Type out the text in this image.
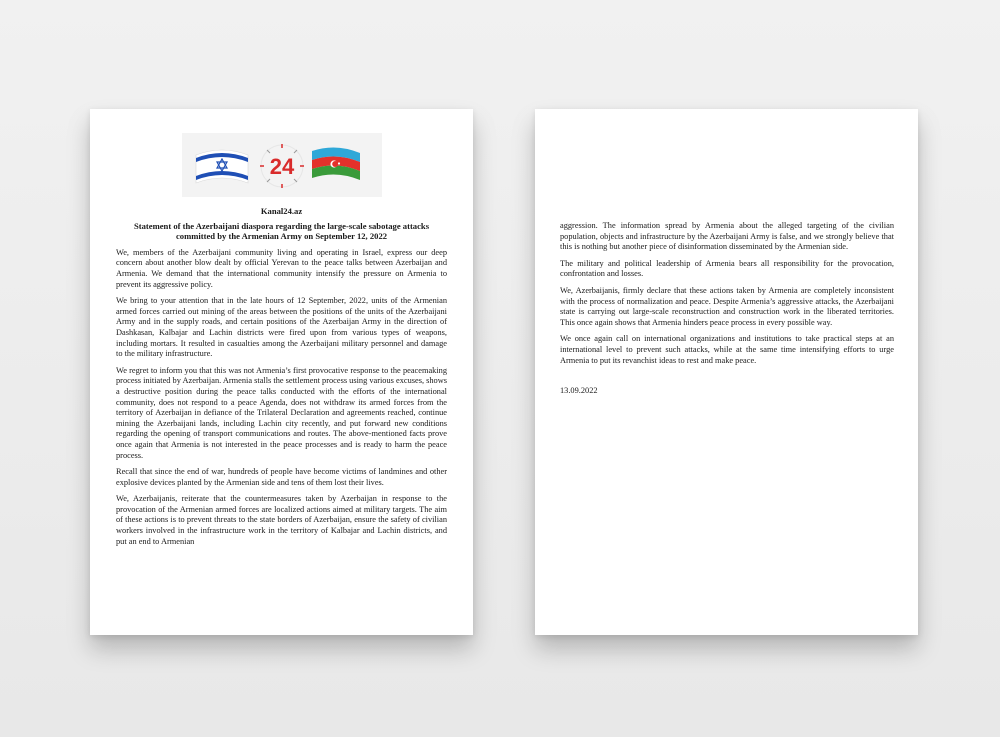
24
Kanal24.az
Statement of the Azerbaijani diaspora regarding the large-scale sabotage attacks committed by the Armenian Army on September 12, 2022

We, members of the Azerbaijani community living and operating in Israel, express our deep concern about another blow dealt by official Yerevan to the peace talks between Azerbaijan and Armenia. We demand that the international community intensify the pressure on Armenia to prevent its aggressive policy.

We bring to your attention that in the late hours of 12 September, 2022, units of the Armenian armed forces carried out mining of the areas between the positions of the units of the Azerbaijani Army and in the supply roads, and certain positions of the Azerbaijan Army in the direction of Dashkasan, Kalbajar and Lachin districts were fired upon from various types of weapons, including mortars. It resulted in casualties among the Azerbaijani military personnel and damage to the military infrastructure.

We regret to inform you that this was not Armenia’s first provocative response to the peacemaking process initiated by Azerbaijan. Armenia stalls the settlement process using various excuses, shows a destructive position during the peace talks conducted with the efforts of the international community, does not respond to a peace Agenda, does not withdraw its armed forces from the territory of Azerbaijan in defiance of the Trilateral Declaration and agreements reached, continue mining the Azerbaijani lands, including Lachin city recently, and put forward new conditions regarding the opening of transport communications and routes. The above-mentioned facts prove once again that Armenia is not interested in the peace processes and is ready to harm the peace process.

Recall that since the end of war, hundreds of people have become victims of landmines and other explosive devices planted by the Armenian side and tens of them lost their lives.

We, Azerbaijanis, reiterate that the countermeasures taken by Azerbaijan in response to the provocation of the Armenian armed forces are localized actions aimed at military targets. The aim of these actions is to prevent threats to the state borders of Azerbaijan, ensure the safety of civilian workers involved in the infrastructure work in the territory of Kalbajar and Lachin districts, and put an end to Armenian

aggression. The information spread by Armenia about the alleged targeting of the civilian population, objects and infrastructure by the Azerbaijani Army is false, and we strongly believe that this is nothing but another piece of disinformation disseminated by the Armenian side.

The military and political leadership of Armenia bears all responsibility for the provocation, confrontation and losses.

We, Azerbaijanis, firmly declare that these actions taken by Armenia are completely inconsistent with the process of normalization and peace. Despite Armenia’s aggressive attacks, the Azerbaijani state is carrying out large-scale reconstruction and construction work in the liberated territories. This once again shows that Armenia hinders peace process in every possible way.

We once again call on international organizations and institutions to take practical steps at an international level to prevent such attacks, while at the same time intensifying efforts to urge Armenia to put its revanchist ideas to rest and make peace.

13.09.2022
